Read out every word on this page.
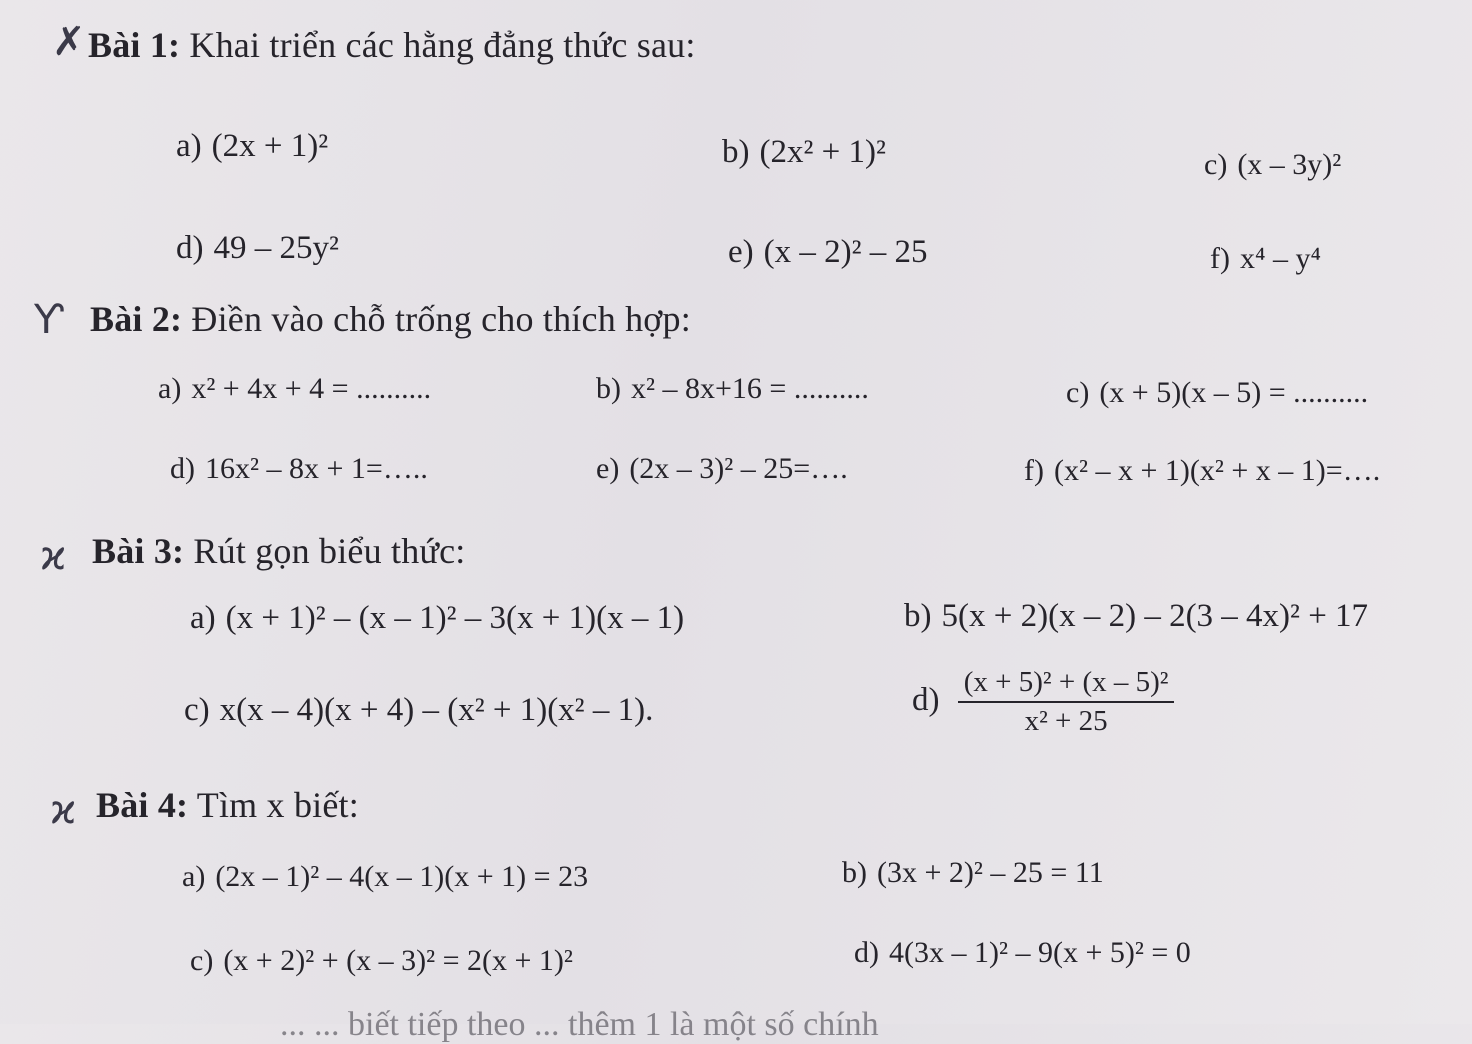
✗ Bài 1: Khai triển các hằng đẳng thức sau:
a) (2x + 1)²	b) (2x² + 1)²	c) (x – 3y)²
d) 49 – 25y²	e) (x – 2)² – 25	f) x⁴ – y⁴
Ƴ Bài 2: Điền vào chỗ trống cho thích hợp:
a) x² + 4x + 4 = ..........	b) x² – 8x+16 = ..........	c) (x + 5)(x – 5) = ..........
d) 16x² – 8x + 1=…..	e) (2x – 3)² – 25=….	f) (x² – x + 1)(x² + x – 1)=….
ϰ Bài 3: Rút gọn biểu thức:
a) (x + 1)² – (x – 1)² – 3(x + 1)(x – 1)	b) 5(x + 2)(x – 2) – 2(3 – 4x)² + 17
c) x(x – 4)(x + 4) – (x² + 1)(x² – 1).	$d) \frac{\text{(x + 5)² + (x – 5)²}}{\text{x² + 25}}$
ϰ Bài 4: Tìm x biết:
a) (2x – 1)² – 4(x – 1)(x + 1) = 23	b) (3x + 2)² – 25 = 11
c) (x + 2)² + (x – 3)² = 2(x + 1)²	d) 4(3x – 1)² – 9(x + 5)² = 0
... ... biết tiếp theo ... thêm 1 là một số chính
